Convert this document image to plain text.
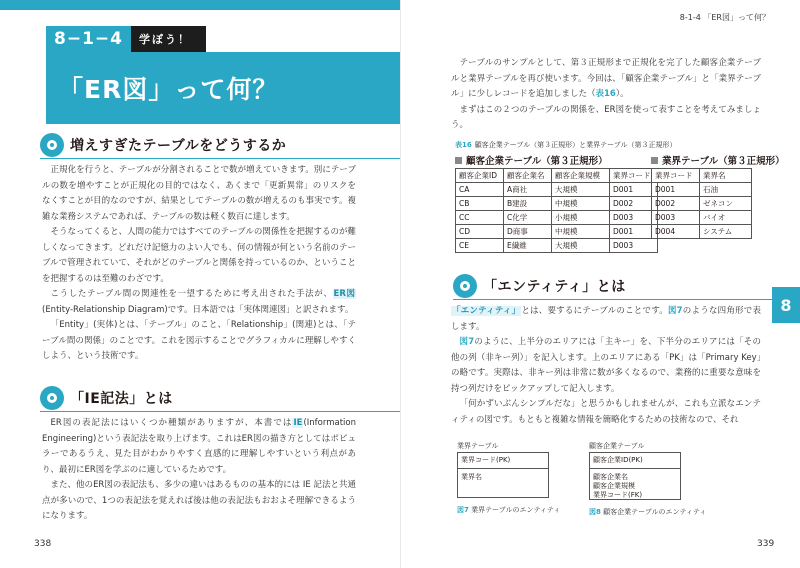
8−1−4	学ぼう！
「ER図」って何？
増えすぎたテーブルをどうするか

正規化を行うと、テーブルが分割されることで数が増えていきます。別にテーブルの数を増やすことが正規化の目的ではなく、あくまで「更新異常」のリスクをなくすことが目的なのですが、結果としてテーブルの数が増えるのも事実です。複雑な業務システムであれば、テーブルの数は軽く数百に達します。

そうなってくると、人間の能力ではすべてのテーブルの関係性を把握するのが難しくなってきます。どれだけ記憶力のよい人でも、何の情報が何という名前のテーブルで管理されていて、それがどのテーブルと関係を持っているのか、ということを把握するのは至難のわざです。

こうしたテーブル間の関連性を一望するために考え出された手法が、ER図(Entity-Relationship Diagram)です。日本語では「実体関連図」と訳されます。

「Entity」(実体)とは、「テーブル」のこと、「Relationship」(関連)とは、「テーブル間の関係」のことです。これを図示することでグラフィカルに理解しやすくしよう、という技術です。

「IE記法」とは

ER図の表記法にはいくつか種類がありますが、本書ではIE(Information Engineering)という表記法を取り上げます。これはER図の描き方としてはポピュラーであるうえ、見た目がわかりやすく直感的に理解しやすいという利点があり、最初にER図を学ぶのに適しているためです。

また、他のER図の表記法も、多少の違いはあるものの基本的には IE 記法と共通点が多いので、1つの表記法を覚えれば後は他の表記法もおおよそ理解できるようになります。

338
8-1-4 「ER図」って何？

テーブルのサンプルとして、第３正規形まで正規化を完了した顧客企業テーブルと業界テーブルを再び使います。今回は、「顧客企業テーブル」と「業界テーブル」に少しレコードを追加しました（表16）。

まずはこの２つのテーブルの関係を、ER図を使って表すことを考えてみましょう。

表16 顧客企業テーブル（第３正規形）と業界テーブル（第３正規形）
顧客企業テーブル（第３正規形）
顧客企業ID	顧客企業名	顧客企業規模	業界コード
CA	A商社	大規模	D001
CB	B建設	中規模	D002
CC	C化学	小規模	D003
CD	D商事	中規模	D001
CE	E繊維	大規模	D003
業界テーブル（第３正規形）
業界コード	業界名
D001	石油
D002	ゼネコン
D003	バイオ
D004	システム
「エンティティ」とは

「エンティティ」とは、要するにテーブルのことです。図7のような四角形で表します。

図7のように、上半分のエリアには「主キー」を、下半分のエリアには「その他の列（非キー列）」を記入します。上のエリアにある「PK」は「Primary Key」の略です。実際は、非キー列は非常に数が多くなるので、業務的に重要な意味を持つ列だけをピックアップして記入します。

「何かずいぶんシンプルだな」と思うかもしれませんが、これも立派なエンティティの図です。もともと複雑な情報を簡略化するための技術なので、それ

業界テーブル
業界コード(PK)
業界名
図7 業界テーブルのエンティティ
顧客企業テーブル
顧客企業ID(PK)
顧客企業名
顧客企業規模
業界コード(FK)
図8 顧客企業テーブルのエンティティ
339
8
